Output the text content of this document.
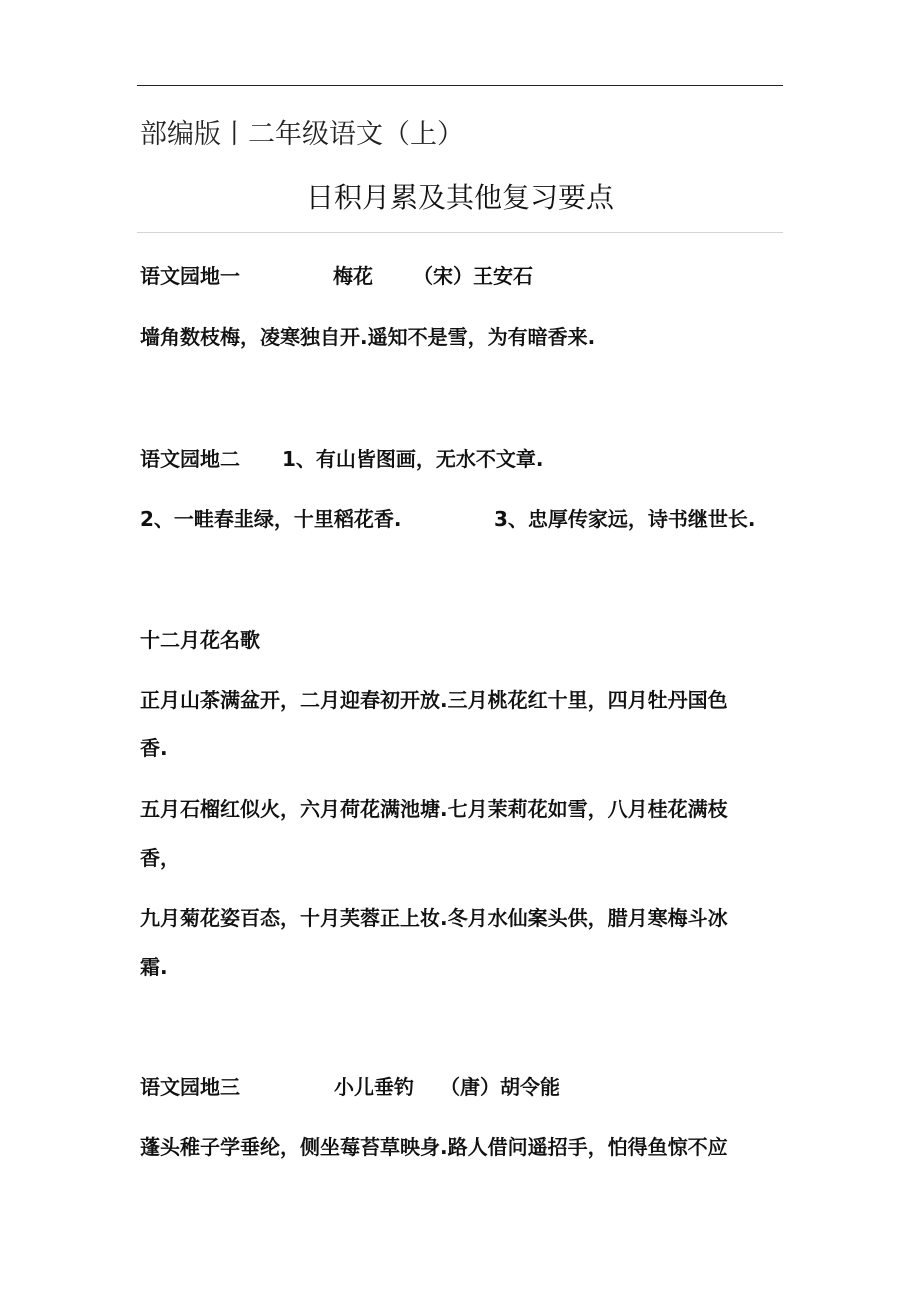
部编版丨二年级语文（上）
日积月累及其他复习要点
语文园地一	梅花 （宋）王安石
墙角数枝梅，凌寒独自开.遥知不是雪，为有暗香来.
语文园地二 1、有山皆图画，无水不文章.
2、一畦春韭绿，十里稻花香.	3、忠厚传家远，诗书继世长.
十二月花名歌
正月山茶满盆开，二月迎春初开放.三月桃花红十里，四月牡丹国色
香.
五月石榴红似火，六月荷花满池塘.七月茉莉花如雪，八月桂花满枝
香，
九月菊花姿百态，十月芙蓉正上妆.冬月水仙案头供，腊月寒梅斗冰
霜.
语文园地三	小儿垂钓 （唐）胡令能
蓬头稚子学垂纶，侧坐莓苔草映身.路人借问遥招手，怕得鱼惊不应
